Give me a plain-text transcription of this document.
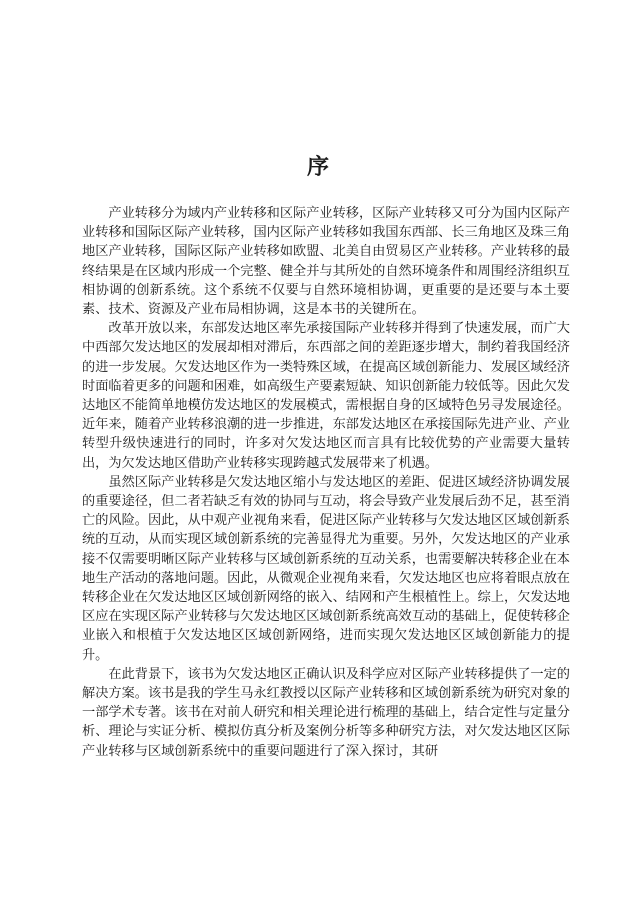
序

产业转移分为域内产业转移和区际产业转移，区际产业转移又可分为国内区际产业转移和国际区际产业转移，国内区际产业转移如我国东西部、长三角地区及珠三角地区产业转移，国际区际产业转移如欧盟、北美自由贸易区产业转移。产业转移的最终结果是在区域内形成一个完整、健全并与其所处的自然环境条件和周围经济组织互相协调的创新系统。这个系统不仅要与自然环境相协调，更重要的是还要与本土要素、技术、资源及产业布局相协调，这是本书的关键所在。

改革开放以来，东部发达地区率先承接国际产业转移并得到了快速发展，而广大中西部欠发达地区的发展却相对滞后，东西部之间的差距逐步增大，制约着我国经济的进一步发展。欠发达地区作为一类特殊区域，在提高区域创新能力、发展区域经济时面临着更多的问题和困难，如高级生产要素短缺、知识创新能力较低等。因此欠发达地区不能简单地模仿发达地区的发展模式，需根据自身的区域特色另寻发展途径。近年来，随着产业转移浪潮的进一步推进，东部发达地区在承接国际先进产业、产业转型升级快速进行的同时，许多对欠发达地区而言具有比较优势的产业需要大量转出，为欠发达地区借助产业转移实现跨越式发展带来了机遇。

虽然区际产业转移是欠发达地区缩小与发达地区的差距、促进区域经济协调发展的重要途径，但二者若缺乏有效的协同与互动，将会导致产业发展后劲不足，甚至消亡的风险。因此，从中观产业视角来看，促进区际产业转移与欠发达地区区域创新系统的互动，从而实现区域创新系统的完善显得尤为重要。另外，欠发达地区的产业承接不仅需要明晰区际产业转移与区域创新系统的互动关系，也需要解决转移企业在本地生产活动的落地问题。因此，从微观企业视角来看，欠发达地区也应将着眼点放在转移企业在欠发达地区区域创新网络的嵌入、结网和产生根植性上。综上，欠发达地区应在实现区际产业转移与欠发达地区区域创新系统高效互动的基础上，促使转移企业嵌入和根植于欠发达地区区域创新网络，进而实现欠发达地区区域创新能力的提升。

在此背景下，该书为欠发达地区正确认识及科学应对区际产业转移提供了一定的解决方案。该书是我的学生马永红教授以区际产业转移和区域创新系统为研究对象的一部学术专著。该书在对前人研究和相关理论进行梳理的基础上，结合定性与定量分析、理论与实证分析、模拟仿真分析及案例分析等多种研究方法，对欠发达地区区际产业转移与区域创新系统中的重要问题进行了深入探讨，其研
